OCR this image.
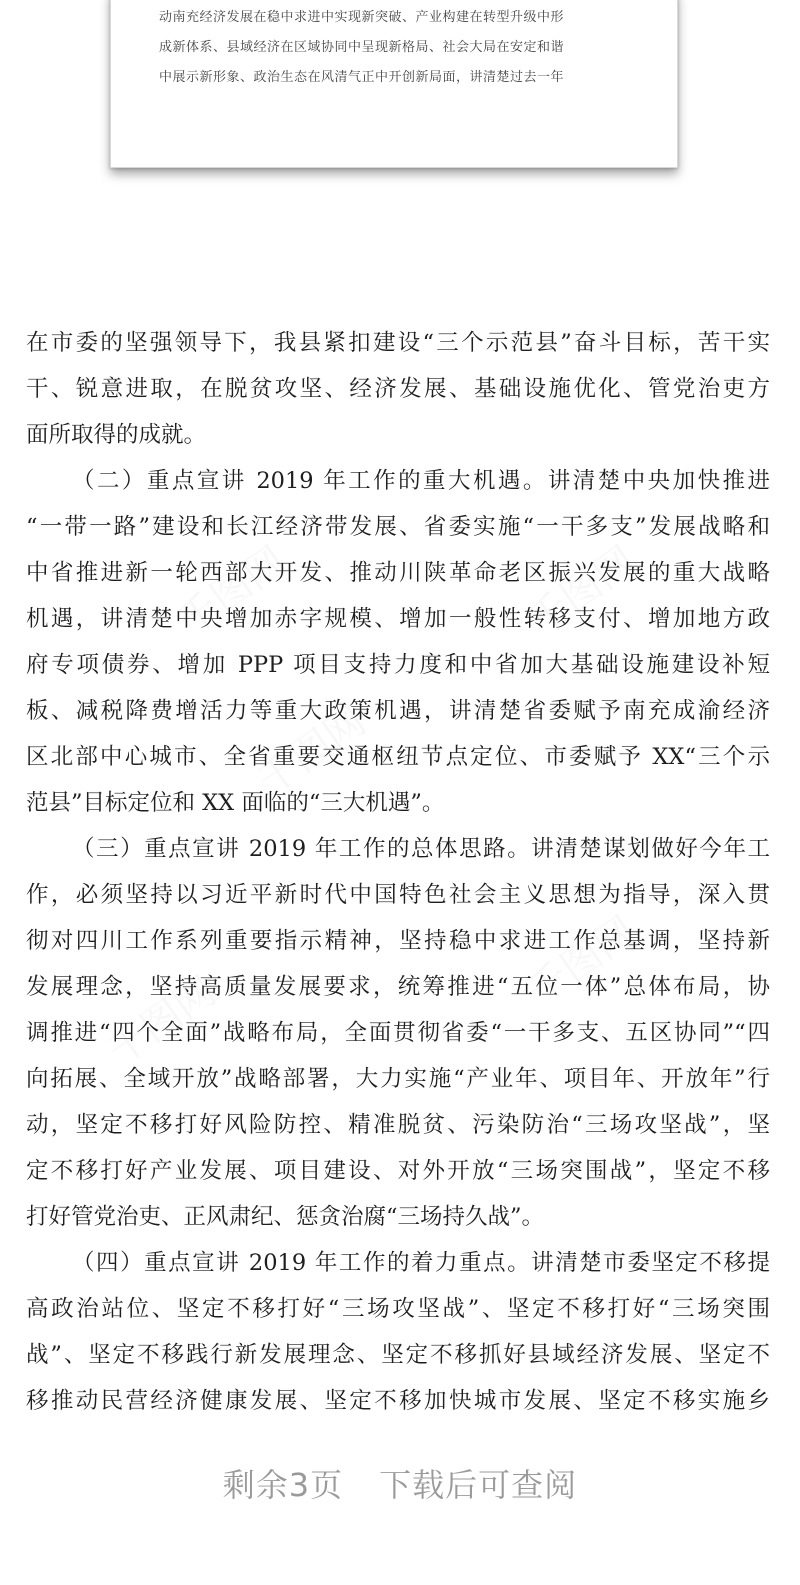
动南充经济发展在稳中求进中实现新突破、产业构建在转型升级中形
成新体系、县域经济在区域协同中呈现新格局、社会大局在安定和谐
中展示新形象、政治生态在风清气正中开创新局面，讲清楚过去一年
千图网	千图网
千图网
千图网
千图网
在市委的坚强领导下，我县紧扣建设“三个示范县”奋斗目标，苦干实
干、锐意进取，在脱贫攻坚、经济发展、基础设施优化、管党治吏方
面所取得的成就。
（二）重点宣讲 2019 年工作的重大机遇。讲清楚中央加快推进
“一带一路”建设和长江经济带发展、省委实施“一干多支”发展战略和
中省推进新一轮西部大开发、推动川陕革命老区振兴发展的重大战略
机遇，讲清楚中央增加赤字规模、增加一般性转移支付、增加地方政
府专项债券、增加 PPP 项目支持力度和中省加大基础设施建设补短
板、减税降费增活力等重大政策机遇，讲清楚省委赋予南充成渝经济
区北部中心城市、全省重要交通枢纽节点定位、市委赋予 XX“三个示
范县”目标定位和 XX 面临的“三大机遇”。
（三）重点宣讲 2019 年工作的总体思路。讲清楚谋划做好今年工
作，必须坚持以习近平新时代中国特色社会主义思想为指导，深入贯
彻对四川工作系列重要指示精神，坚持稳中求进工作总基调，坚持新
发展理念，坚持高质量发展要求，统筹推进“五位一体”总体布局，协
调推进“四个全面”战略布局，全面贯彻省委“一干多支、五区协同”“四
向拓展、全域开放”战略部署，大力实施“产业年、项目年、开放年”行
动，坚定不移打好风险防控、精准脱贫、污染防治“三场攻坚战”，坚
定不移打好产业发展、项目建设、对外开放“三场突围战”，坚定不移
打好管党治吏、正风肃纪、惩贪治腐“三场持久战”。
（四）重点宣讲 2019 年工作的着力重点。讲清楚市委坚定不移提
高政治站位、坚定不移打好“三场攻坚战”、坚定不移打好“三场突围
战”、坚定不移践行新发展理念、坚定不移抓好县域经济发展、坚定不
移推动民营经济健康发展、坚定不移加快城市发展、坚定不移实施乡
剩余3页 下载后可查阅
